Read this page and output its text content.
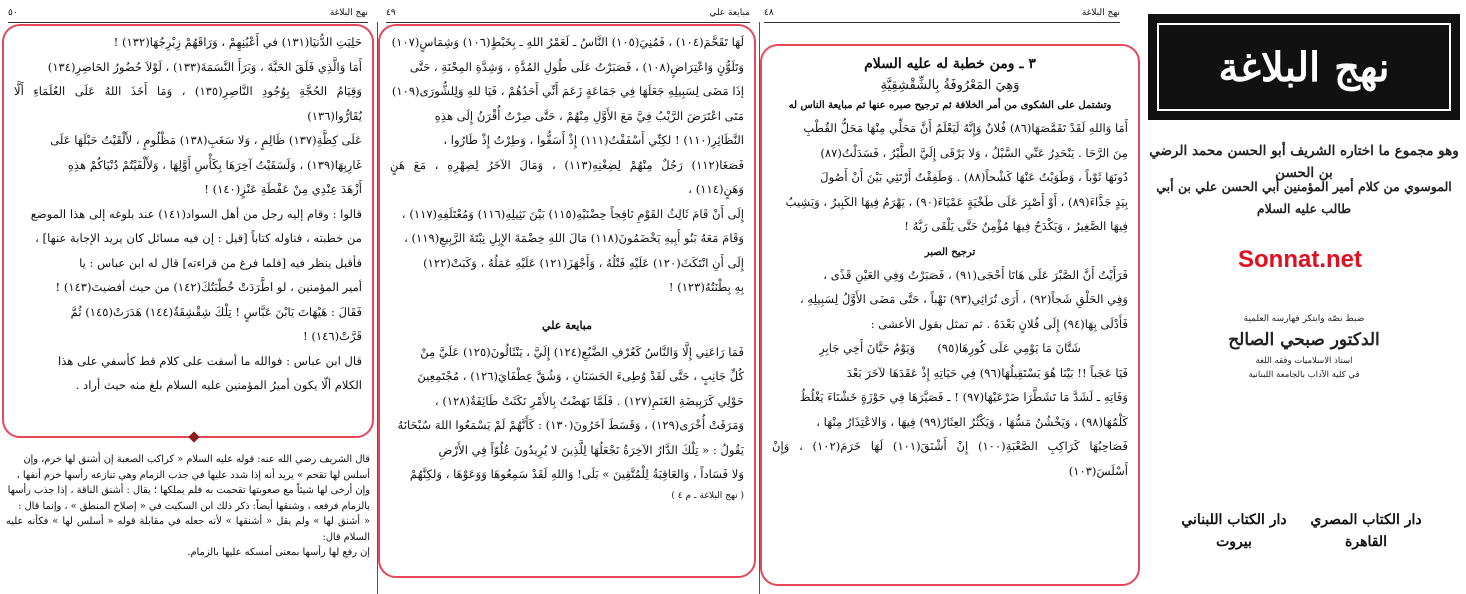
نهج البلاغة
٥٠

حَلِيَتِ الدُّنيَا(١٣١) في أَعْيُنِهِمْ ، وَرَاقَهُمْ زِبْرِجُهَا(١٣٢) !

أَمَا وَالَّذِي فَلَقَ الحَبَّةَ ، وَبَرَأَ النَّسَمَةَ(١٣٣) ، لَوْلاَ حُضُورُ الحَاضِرِ(١٣٤)

وَقِيَامُ الحُجَّةِ بِوُجُودِ النَّاصِرِ(١٣٥) ، وَمَا أَخَذَ اللهُ عَلَى العُلَمَاءِ أَلَّا يُقَارُّوا(١٣٦)

عَلَى كِظَّةِ(١٣٧) ظَالِمٍ ، وَلا سَغَبِ(١٣٨) مَظْلُومٍ ، لأَلْقَيْتُ حَبْلَهَا عَلَى

غَارِبِهَا(١٣٩) ، وَلَسَقَيْتُ آخِرَهَا بِكَأْسِ أَوَّلِهَا ، وَلأَلْفَيْتُمْ دُنْيَاكُمْ هذِهِ

أَزْهَدَ عِنْدِي مِنْ عَفْطَةِ عَنْزٍ(١٤٠) !

قالوا : وقام إليه رجل من أهل السواد(١٤١) عند بلوغه إلى هذا الموضع

من خطبته ، فناوله كتاباً [قيل : إن فيه مسائل كان يريد الإجابة عنها] ،

فأقبل ينظر فيه [فلما فرغ من قراءته] قال له ابن عباس : يا

أمير المؤمنين ، لو اطَّرَدَتْ خُطْبَتُكَ(١٤٢) من حيث أفضيتَ(١٤٣) !

فَقَالَ : هَيْهَاتَ يَابْنَ عَبَّاسٍ ! تِلْكَ شِقْشِقَةٌ(١٤٤) هَدَرَتْ(١٤٥) ثُمَّ

قَرَّتْ(١٤٦) !

قال ابن عباس : فوالله ما أسفت على كلام قط كأسفي على هذا

الكلام ألّا يكون أميرُ المؤمنين عليه السلام بلغ منه حيث أراد .

قال الشريف رضي الله عنه: قوله عليه السلام « كراكب الصعبة إن أشنق لها خرم، وإن

أسلس لها تقحم » يريد أنه إذا شدد عليها في جذب الزمام وهي تنازعه رأسها خرم أنفها ،

وإن أرخى لها شيئاً مع صعوبتها تقحمت به فلم يملكها ؛ يقال : أشنق الناقة ، إذا جذب رأسها

بالزمام فرفعه ، وشنقها أيضاً: ذكر ذلك ابن السكيت في « إصلاح المنطق » ، وإنما قال :

« أشنق لها » ولم يقل « أشنقها » لأنه جعله في مقابلة قوله « أسلس لها » فكأنه عليه السلام قال:

إن رفع لها رأسها بمعنى أمسكه عليها بالزمام.

مبايعة علي
٤٩

لَهَا تَقَحَّمَ(١٠٤) ، فَمُنِيَ(١٠٥) النَّاسُ ـ لَعَمْرُ اللهِ ـ بِخَبْطٍ(١٠٦) وَشِمَاسٍ(١٠٧)

وَتَلَوُّنٍ وَاعْتِرَاضٍ(١٠٨) ، فَصَبَرْتُ عَلَى طُولِ المُدَّةِ ، وَشِدَّةِ المِحْنَةِ ، حَتَّى

إذَا مَضَى لِسَبِيلِهِ جَعَلَهَا فِي جَمَاعَةٍ زَعَمَ أَنِّي أَحَدُهُمْ ، فَيَا للهِ وَلِلشُّورَى(١٠٩)

مَتَى اعْتَرَضَ الرَّيْبُ فِيَّ مَعَ الأَوَّلِ مِنْهُمْ ، حَتَّى صِرْتُ أُقْرَنُ إِلَى هذِهِ

النَّظَائِرِ(١١٠) ! لكِنِّي أَسْفَفْتُ(١١١) إِذْ أَسَفُّوا ، وَطِرْتُ إِذْ طَارُوا ،

فَصَغَا(١١٢) رَجُلٌ مِنْهُمْ لِضِغْنِهِ(١١٣) ، وَمَالَ الآخَرُ لِصِهْرِهِ ، مَعَ هَنٍ وَهَنٍ(١١٤) ،

إِلَى أَنْ قَامَ ثَالِثُ القَوْمِ نَافِجاً حِضْنَيْهِ(١١٥) بَيْنَ نَثِيلِهِ(١١٦) وَمُعْتَلَفِهِ(١١٧) ،

وَقَامَ مَعَهُ بَنُو أَبِيهِ يَخْضَمُونَ(١١٨) مَالَ اللهِ خِضْمَةَ الإِبِلِ نِبْتَةَ الرَّبِيعِ(١١٩) ،

إِلَى أَنِ انْتَكَثَ(١٢٠) عَلَيْهِ فَتْلُهُ ، وَأَجْهَزَ(١٢١) عَلَيْهِ عَمَلُهُ ، وَكَبَتْ(١٢٢)

بِهِ بِطْنَتُهُ(١٢٣) !

مبايعة علي

فَمَا رَاعَنِي إِلَّا وَالنَّاسُ كَعُرْفِ الضَّبُعِ(١٢٤) إِلَيَّ ، يَنْثَالُونَ(١٢٥) عَلَيَّ مِنْ

كُلِّ جَانِبٍ ، حَتَّى لَقَدْ وُطِىءَ الحَسَنَانِ ، وَشُقَّ عِطْفَايَ(١٢٦) ، مُجْتَمِعِينَ

حَوْلِي كَرَبِيضَةِ الغَنَمِ(١٢٧) . فَلَمَّا نَهَضْتُ بِالأَمْرِ نَكَثَتْ طَائِفَةٌ(١٢٨) ،

وَمَرَقَتْ أُخْرَى(١٢٩) ، وَقَسَطَ آخَرُونَ(١٣٠) : كَأَنَّهُمْ لَمْ يَسْمَعُوا اللهَ سُبْحَانَهُ

يَقُولُ : « تِلْكَ الدَّارُ الآخِرَةُ نَجْعَلُهَا لِلَّذِينَ لا يُرِيدُونَ عُلُوّاً فِي الأَرْضِ

وَلا فَسَاداً ، وَالعَاقِبَةُ لِلْمُتَّقِينَ » بَلَى! وَاللهِ لَقَدْ سَمِعُوهَا وَوَعَوْهَا ، وَلكِنَّهُمْ

( نهج البلاغة ـ م ٤ )
نهج البلاغة
٤٨

٣ ـ ومن خطبة له عليه السلام

وَهِيَ المَعْرُوفَةُ بِالشِّقْشِقِيَّةِ

وتشتمل على الشكوى من أمر الخلافة ثم ترجيح صبره عنها ثم مبايعة الناس له

أَمَا وَاللهِ لَقَدْ تَقَمَّصَهَا(٨٦) فُلانٌ وَإِنَّهُ لَيَعْلَمُ أَنَّ مَحَلِّي مِنْهَا مَحَلُّ القُطْبِ

مِنَ الرَّحَا . يَنْحَدِرُ عَنِّي السَّيْلُ ، وَلا يَرْقَى إِلَيَّ الطَّيْرُ ، فَسَدَلْتُ(٨٧)

دُونَهَا ثَوْباً ، وَطَوَيْتُ عَنْهَا كَشْحاً(٨٨) . وَطَفِقْتُ أَرْتَئِي بَيْنَ أَنْ أَصُولَ

بِيَدٍ جَذَّاءَ(٨٩) ، أَوْ أَصْبِرَ عَلَى طَخْيَةٍ عَمْيَاءَ(٩٠) ، يَهْرَمُ فِيهَا الكَبِيرُ ، وَيَشِيبُ

فِيهَا الصَّغِيرُ ، وَيَكْدَحُ فِيهَا مُؤْمِنٌ حَتَّى يَلْقَى رَبَّهُ !

ترجيح الصبر

فَرَأَيْتُ أَنَّ الصَّبْرَ عَلَى هَاتَا أَحْجَى(٩١) ، فَصَبَرْتُ وَفِي العَيْنِ قَذًى ،

وَفِي الحَلْقِ شَجاً(٩٢) ، أَرَى تُرَاثِي(٩٣) نَهْباً ، حَتَّى مَضَى الأَوَّلُ لِسَبِيلِهِ ،

فَأَدْلَى بِهَا(٩٤) إِلَى فُلانٍ بَعْدَهُ . ثم تمثل بقول الأعشى :

شَتَّانَ مَا يَوْمِي عَلَى كُورِهَا(٩٥)      وَيَوْمُ حَيَّانَ أَخِي جَابِرِ

فَيَا عَجَباً !! بَيْنَا هُوَ يَسْتَقِيلُهَا(٩٦) فِي حَيَاتِهِ إِذْ عَقَدَهَا لآخَرَ بَعْدَ

وَفَاتِهِ ـ لَشَدَّ مَا تَشَطَّرَا ضَرْعَيْهَا(٩٧) ! ـ فَصَيَّرَهَا فِي حَوْزَةٍ خَشْنَاءَ يَغْلُظُ

كَلْمُهَا(٩٨) ، وَيَخْشُنُ مَسُّهَا ، وَيَكْثُرُ العِثَارُ(٩٩) فِيهَا ، وَالاعْتِذَارُ مِنْهَا ،

فَصَاحِبُهَا كَرَاكِبِ الصَّعْبَةِ(١٠٠) إِنْ أَشْنَقَ(١٠١) لَهَا خَرَمَ(١٠٢) ، وَإِنْ أَسْلَسَ(١٠٣)

نهج البلاغة
وهو مجموع ما اختاره الشريف أبو الحسن محمد الرضي بن الحسن
الموسوي من كلام أمير المؤمنين أبي الحسن علي بن أبي طالب عليه السلام
Sonnat.net
ضبط نصّه وابتكر فهارسه العلمية
الدكتور صبحي الصالح
استاذ الاسلاميات وفقه اللغة
في كلية الآداب بالجامعة اللبنانية
دار الكتاب المصري
القاهرة
دار الكتاب اللبناني
بيروت
